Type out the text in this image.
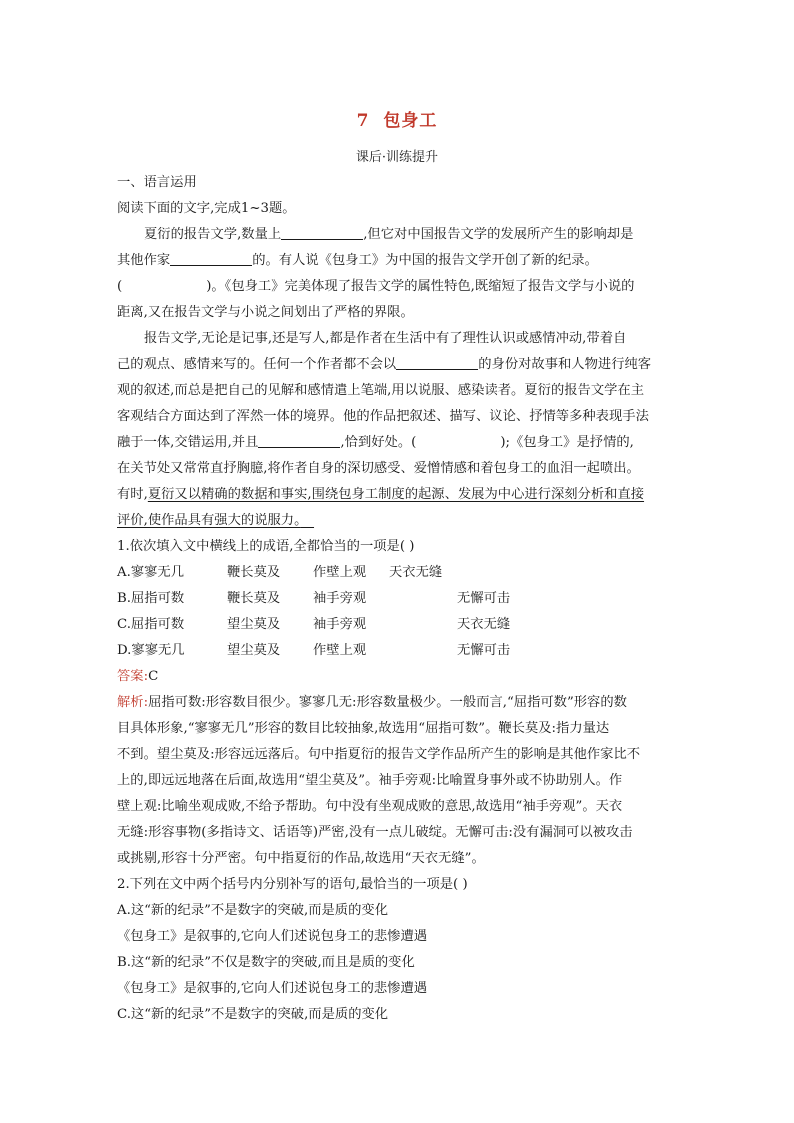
7 包身工
课后·训练提升
一、语言运用
阅读下面的文字,完成1~3题。
夏衍的报告文学,数量上	,但它对中国报告文学的发展所产生的影响却是
其他作家	的。有人说《包身工》为中国的报告文学开创了新的纪录。
(	)。《包身工》完美体现了报告文学的属性特色,既缩短了报告文学与小说的
距离,又在报告文学与小说之间划出了严格的界限。
报告文学,无论是记事,还是写人,都是作者在生活中有了理性认识或感情冲动,带着自
己的观点、感情来写的。任何一个作者都不会以	的身份对故事和人物进行纯客
观的叙述,而总是把自己的见解和感情遣上笔端,用以说服、感染读者。夏衍的报告文学在主
客观结合方面达到了浑然一体的境界。他的作品把叙述、描写、议论、抒情等多种表现手法
融于一体,交错运用,并且	,恰到好处。(	);《包身工》是抒情的,
在关节处又常常直抒胸臆,将作者自身的深切感受、爱憎情感和着包身工的血泪一起喷出。
有时,夏衍又以精确的数据和事实,围绕包身工制度的起源、发展为中心进行深刻分析和直接
评价,使作品具有强大的说服力。　
1.依次填入文中横线上的成语,全都恰当的一项是( )
A.寥寥无几	鞭长莫及	作壁上观	天衣无缝
B.屈指可数	鞭长莫及	袖手旁观	无懈可击
C.屈指可数	望尘莫及	袖手旁观	天衣无缝
D.寥寥无几	望尘莫及	作壁上观	无懈可击
答案:C
解析:屈指可数:形容数目很少。寥寥几无:形容数量极少。一般而言,“屈指可数”形容的数
目具体形象,“寥寥无几”形容的数目比较抽象,故选用“屈指可数”。鞭长莫及:指力量达
不到。望尘莫及:形容远远落后。句中指夏衍的报告文学作品所产生的影响是其他作家比不
上的,即远远地落在后面,故选用“望尘莫及”。袖手旁观:比喻置身事外或不协助别人。作
壁上观:比喻坐观成败,不给予帮助。句中没有坐观成败的意思,故选用“袖手旁观”。天衣
无缝:形容事物(多指诗文、话语等)严密,没有一点儿破绽。无懈可击:没有漏洞可以被攻击
或挑剔,形容十分严密。句中指夏衍的作品,故选用“天衣无缝”。
2.下列在文中两个括号内分别补写的语句,最恰当的一项是( )
A.这“新的纪录”不是数字的突破,而是质的变化
《包身工》是叙事的,它向人们述说包身工的悲惨遭遇
B.这“新的纪录”不仅是数字的突破,而且是质的变化
《包身工》是叙事的,它向人们述说包身工的悲惨遭遇
C.这“新的纪录”不是数字的突破,而是质的变化
